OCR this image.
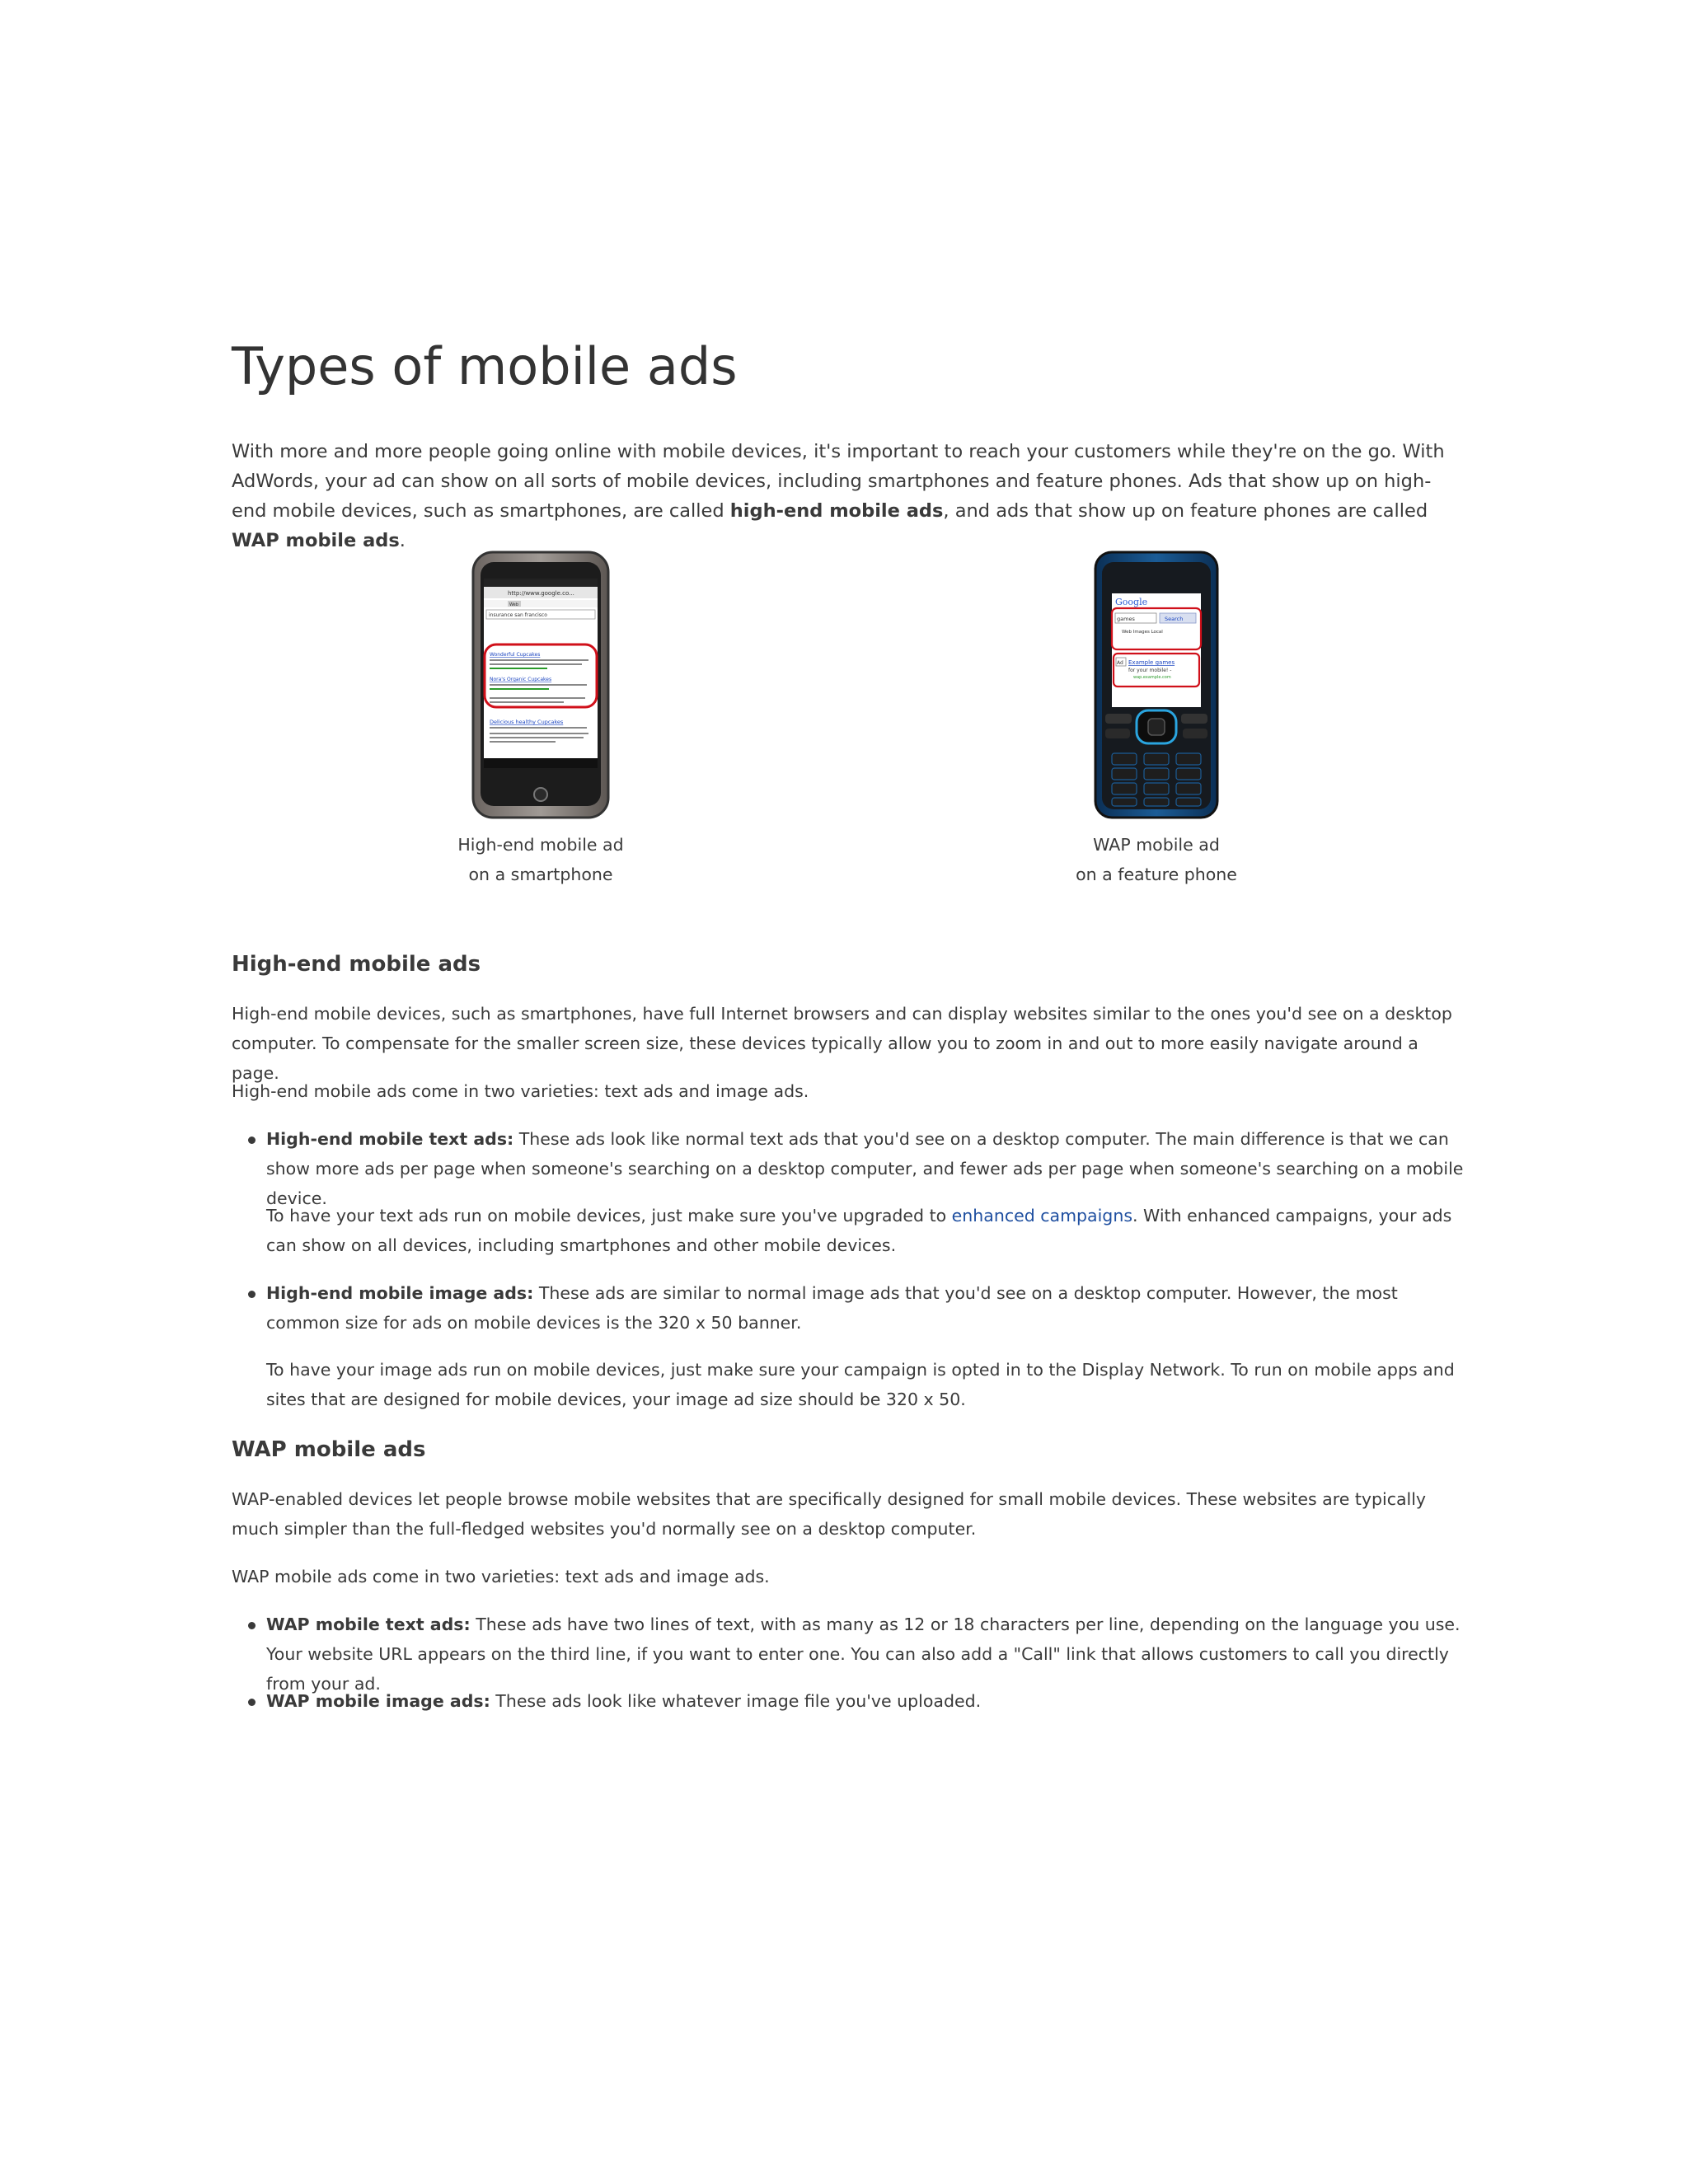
Types of mobile ads

With more and more people going online with mobile devices, it's important to reach your customers while they're on the go. With AdWords, your ad can show on all sorts of mobile devices, including smartphones and feature phones. Ads that show up on high-end mobile devices, such as smartphones, are called high-end mobile ads, and ads that show up on feature phones are called WAP mobile ads.

http://www.google.co...
Web
insurance san francisco
Wonderful Cupcakes
Nora's Organic Cupcakes
Delicious healthy Cupcakes
High-end mobile ad
on a smartphone
Google
games	Search
Web Images Local
Ad Example games
for your mobile! -
wap.example.com
WAP mobile ad
on a feature phone
High-end mobile ads

High-end mobile devices, such as smartphones, have full Internet browsers and can display websites similar to the ones you'd see on a desktop computer. To compensate for the smaller screen size, these devices typically allow you to zoom in and out to more easily navigate around a page.

High-end mobile ads come in two varieties: text ads and image ads.

High-end mobile text ads: These ads look like normal text ads that you'd see on a desktop computer. The main difference is that we can show more ads per page when someone's searching on a desktop computer, and fewer ads per page when someone's searching on a mobile device.

To have your text ads run on mobile devices, just make sure you've upgraded to enhanced campaigns. With enhanced campaigns, your ads can show on all devices, including smartphones and other mobile devices.

High-end mobile image ads: These ads are similar to normal image ads that you'd see on a desktop computer. However, the most common size for ads on mobile devices is the 320 x 50 banner.

To have your image ads run on mobile devices, just make sure your campaign is opted in to the Display Network. To run on mobile apps and sites that are designed for mobile devices, your image ad size should be 320 x 50.

WAP mobile ads

WAP-enabled devices let people browse mobile websites that are specifically designed for small mobile devices. These websites are typically much simpler than the full-fledged websites you'd normally see on a desktop computer.

WAP mobile ads come in two varieties: text ads and image ads.

WAP mobile text ads: These ads have two lines of text, with as many as 12 or 18 characters per line, depending on the language you use. Your website URL appears on the third line, if you want to enter one. You can also add a "Call" link that allows customers to call you directly from your ad.

WAP mobile image ads: These ads look like whatever image file you've uploaded.
